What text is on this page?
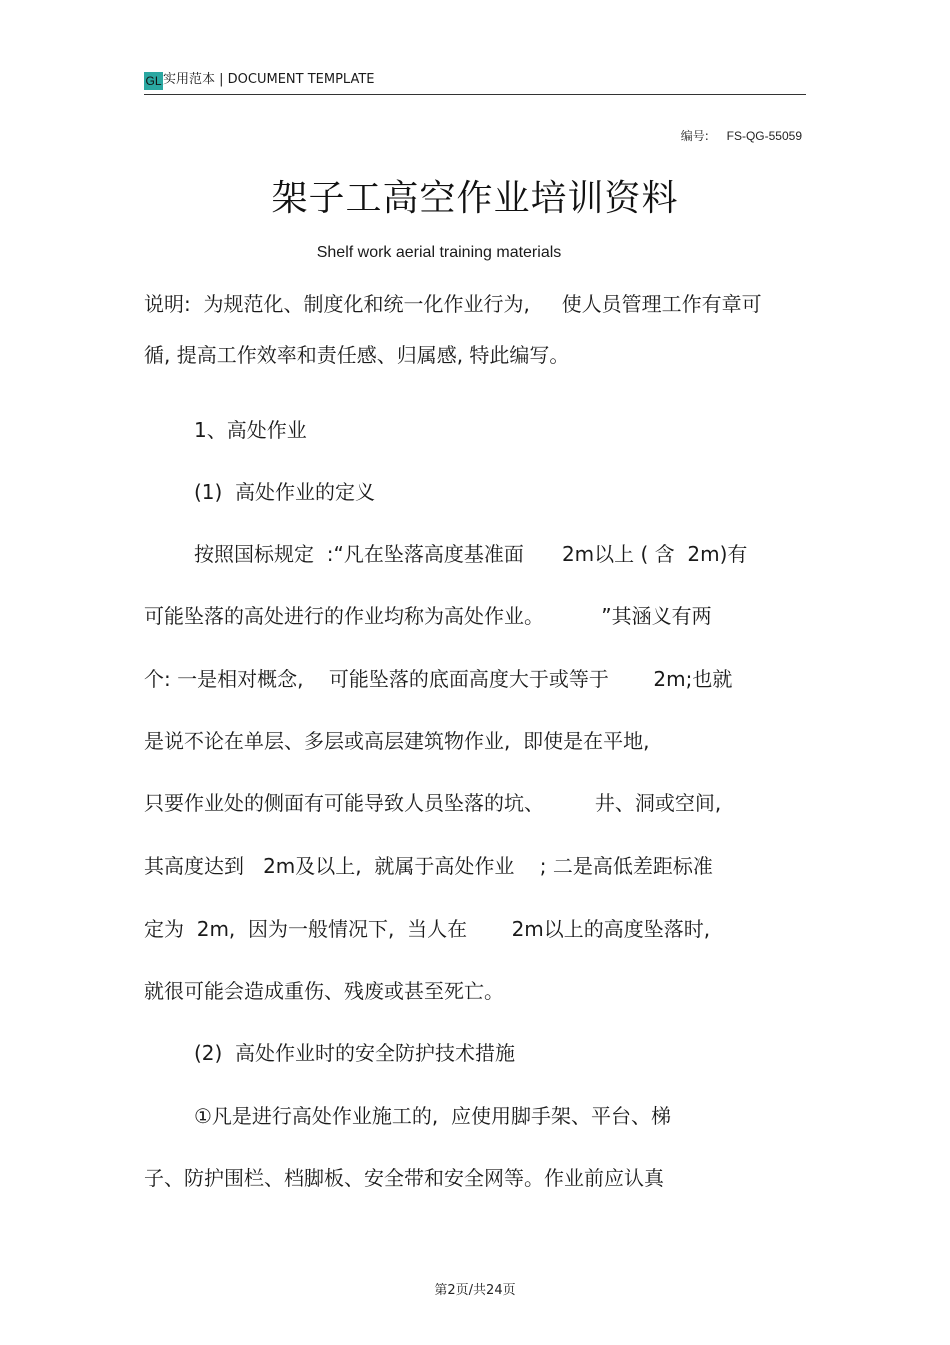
GL 实用范本 | DOCUMENT TEMPLATE
编号: FS-QG-55059
架子工高空作业培训资料
Shelf work aerial training materials
说明:  为规范化、制度化和统一化作业行为,     使人员管理工作有章可
循, 提高工作效率和责任感、归属感, 特此编写。
1、高处作业
(1)  高处作业的定义
按照国标规定  :“凡在坠落高度基准面      2m以上 ( 含  2m)有
可能坠落的高处进行的作业均称为高处作业。         ”其涵义有两
个: 一是相对概念,    可能坠落的底面高度大于或等于       2m;也就
是说不论在单层、多层或高层建筑物作业,  即使是在平地,
只要作业处的侧面有可能导致人员坠落的坑、        井、洞或空间,
其高度达到   2m及以上,  就属于高处作业    ; 二是高低差距标准
定为  2m,  因为一般情况下,  当人在       2m以上的高度坠落时,
就很可能会造成重伤、残废或甚至死亡。
(2)  高处作业时的安全防护技术措施
①凡是进行高处作业施工的,  应使用脚手架、平台、梯
子、防护围栏、档脚板、安全带和安全网等。作业前应认真
第2页/共24页
